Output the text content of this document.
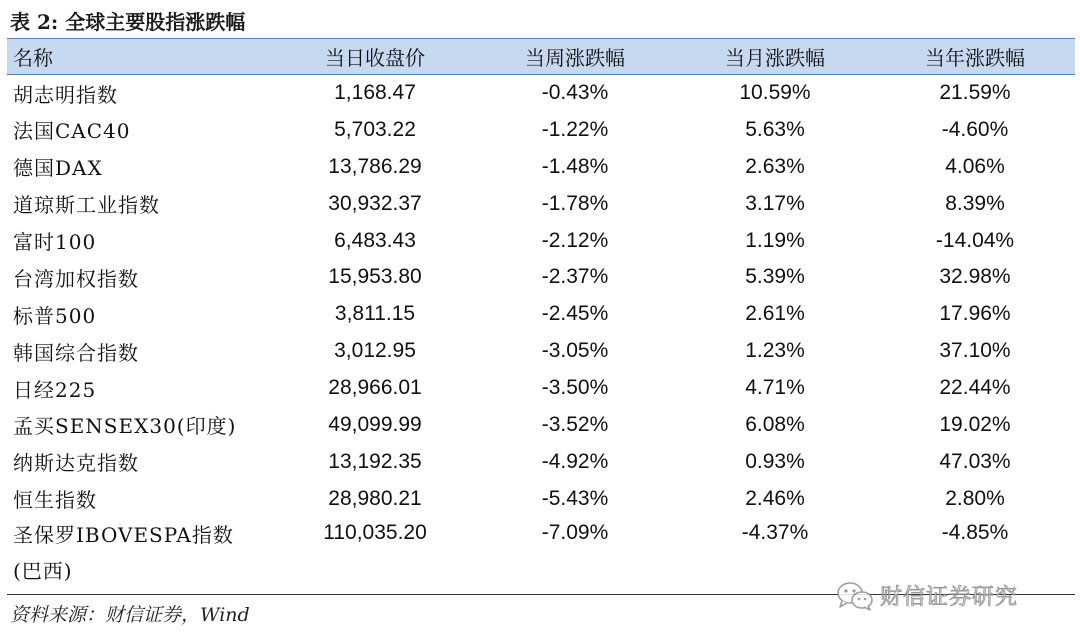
表 2: 全球主要股指涨跌幅
名称	当日收盘价	当周涨跌幅	当月涨跌幅	当年涨跌幅
胡志明指数	1,168.47	-0.43%	10.59%	21.59%
法国CAC40	5,703.22	-1.22%	5.63%	-4.60%
德国DAX	13,786.29	-1.48%	2.63%	4.06%
道琼斯工业指数	30,932.37	-1.78%	3.17%	8.39%
富时100	6,483.43	-2.12%	1.19%	-14.04%
台湾加权指数	15,953.80	-2.37%	5.39%	32.98%
标普500	3,811.15	-2.45%	2.61%	17.96%
韩国综合指数	3,012.95	-3.05%	1.23%	37.10%
日经225	28,966.01	-3.50%	4.71%	22.44%
孟买SENSEX30(印度)	49,099.99	-3.52%	6.08%	19.02%
纳斯达克指数	13,192.35	-4.92%	0.93%	47.03%
恒生指数	28,980.21	-5.43%	2.46%	2.80%

圣保罗IBOVESPA指数
(巴西)	110,035.20	-7.09%	-4.37%	-4.85%
资料来源：财信证券，Wind
财信证券研究
